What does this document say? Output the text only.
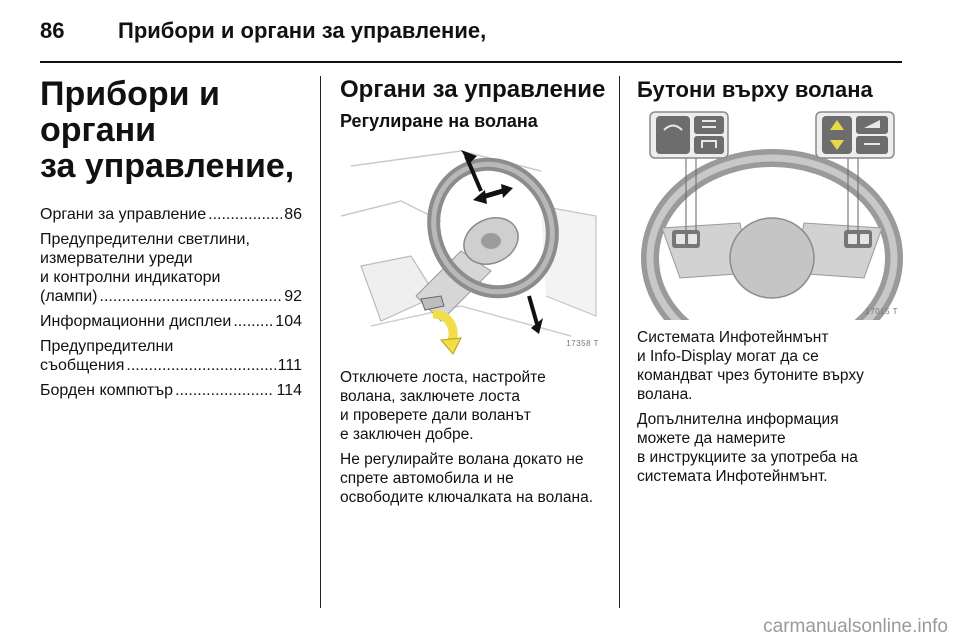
86 Прибори и органи за управление,
Прибори и органи
за управление,
Органи за управление .....	86
Предупредителни светлини,
измервателни уреди
и контролни индикатори
(лампи) .....	92
Информационни дисплеи .....	104
Предупредителни
съобщения .....	111
Борден компютър .....	114
Органи за управление
Регулиране на волана
17358 T

Отключете лоста, настройте
волана, заключете лоста
и проверете дали воланът
е заключен добре.

Не регулирайте волана докато не
спрете автомобила и не
освободите ключалката на волана.

Бутони върху волана
17015 T

Системата Инфотейнмънт
и Info-Display могат да се
командват чрез бутоните върху
волана.

Допълнителна информация
можете да намерите
в инструкциите за употреба на
системата Инфотейнмънт.

carmanualsonline.info
